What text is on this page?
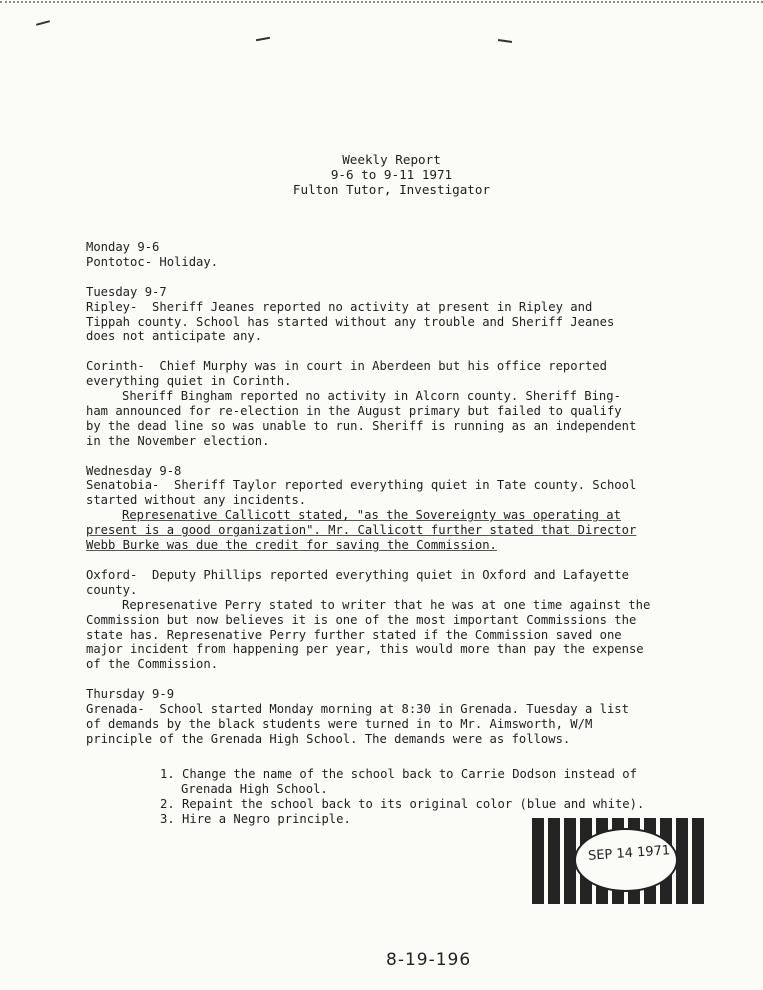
Weekly Report
9-6 to 9-11 1971
Fulton Tutor, Investigator
Monday 9-6
Pontotoc- Holiday.
Tuesday 9-7
Ripley-  Sheriff Jeanes reported no activity at present in Ripley and
Tippah county. School has started without any trouble and Sheriff Jeanes
does not anticipate any.
Corinth-  Chief Murphy was in court in Aberdeen but his office reported
everything quiet in Corinth.
Sheriff Bingham reported no activity in Alcorn county. Sheriff Bing-
ham announced for re-election in the August primary but failed to qualify
by the dead line so was unable to run. Sheriff is running as an independent
in the November election.
Wednesday 9-8
Senatobia-  Sheriff Taylor reported everything quiet in Tate county. School
started without any incidents.
Represenative Callicott stated, "as the Sovereignty was operating at
present is a good organization". Mr. Callicott further stated that Director
Webb Burke was due the credit for saving the Commission.
Oxford-  Deputy Phillips reported everything quiet in Oxford and Lafayette
county.
Represenative Perry stated to writer that he was at one time against the
Commission but now believes it is one of the most important Commissions the
state has. Represenative Perry further stated if the Commission saved one
major incident from happening per year, this would more than pay the expense
of the Commission.
Thursday 9-9
Grenada-  School started Monday morning at 8:30 in Grenada. Tuesday a list
of demands by the black students were turned in to Mr. Aimsworth, W/M
principle of the Grenada High School. The demands were as follows.
1. Change the name of the school back to Carrie Dodson instead of
Grenada High School.
2. Repaint the school back to its original color (blue and white).
3. Hire a Negro principle.
SEP 14 1971
8-19-196
